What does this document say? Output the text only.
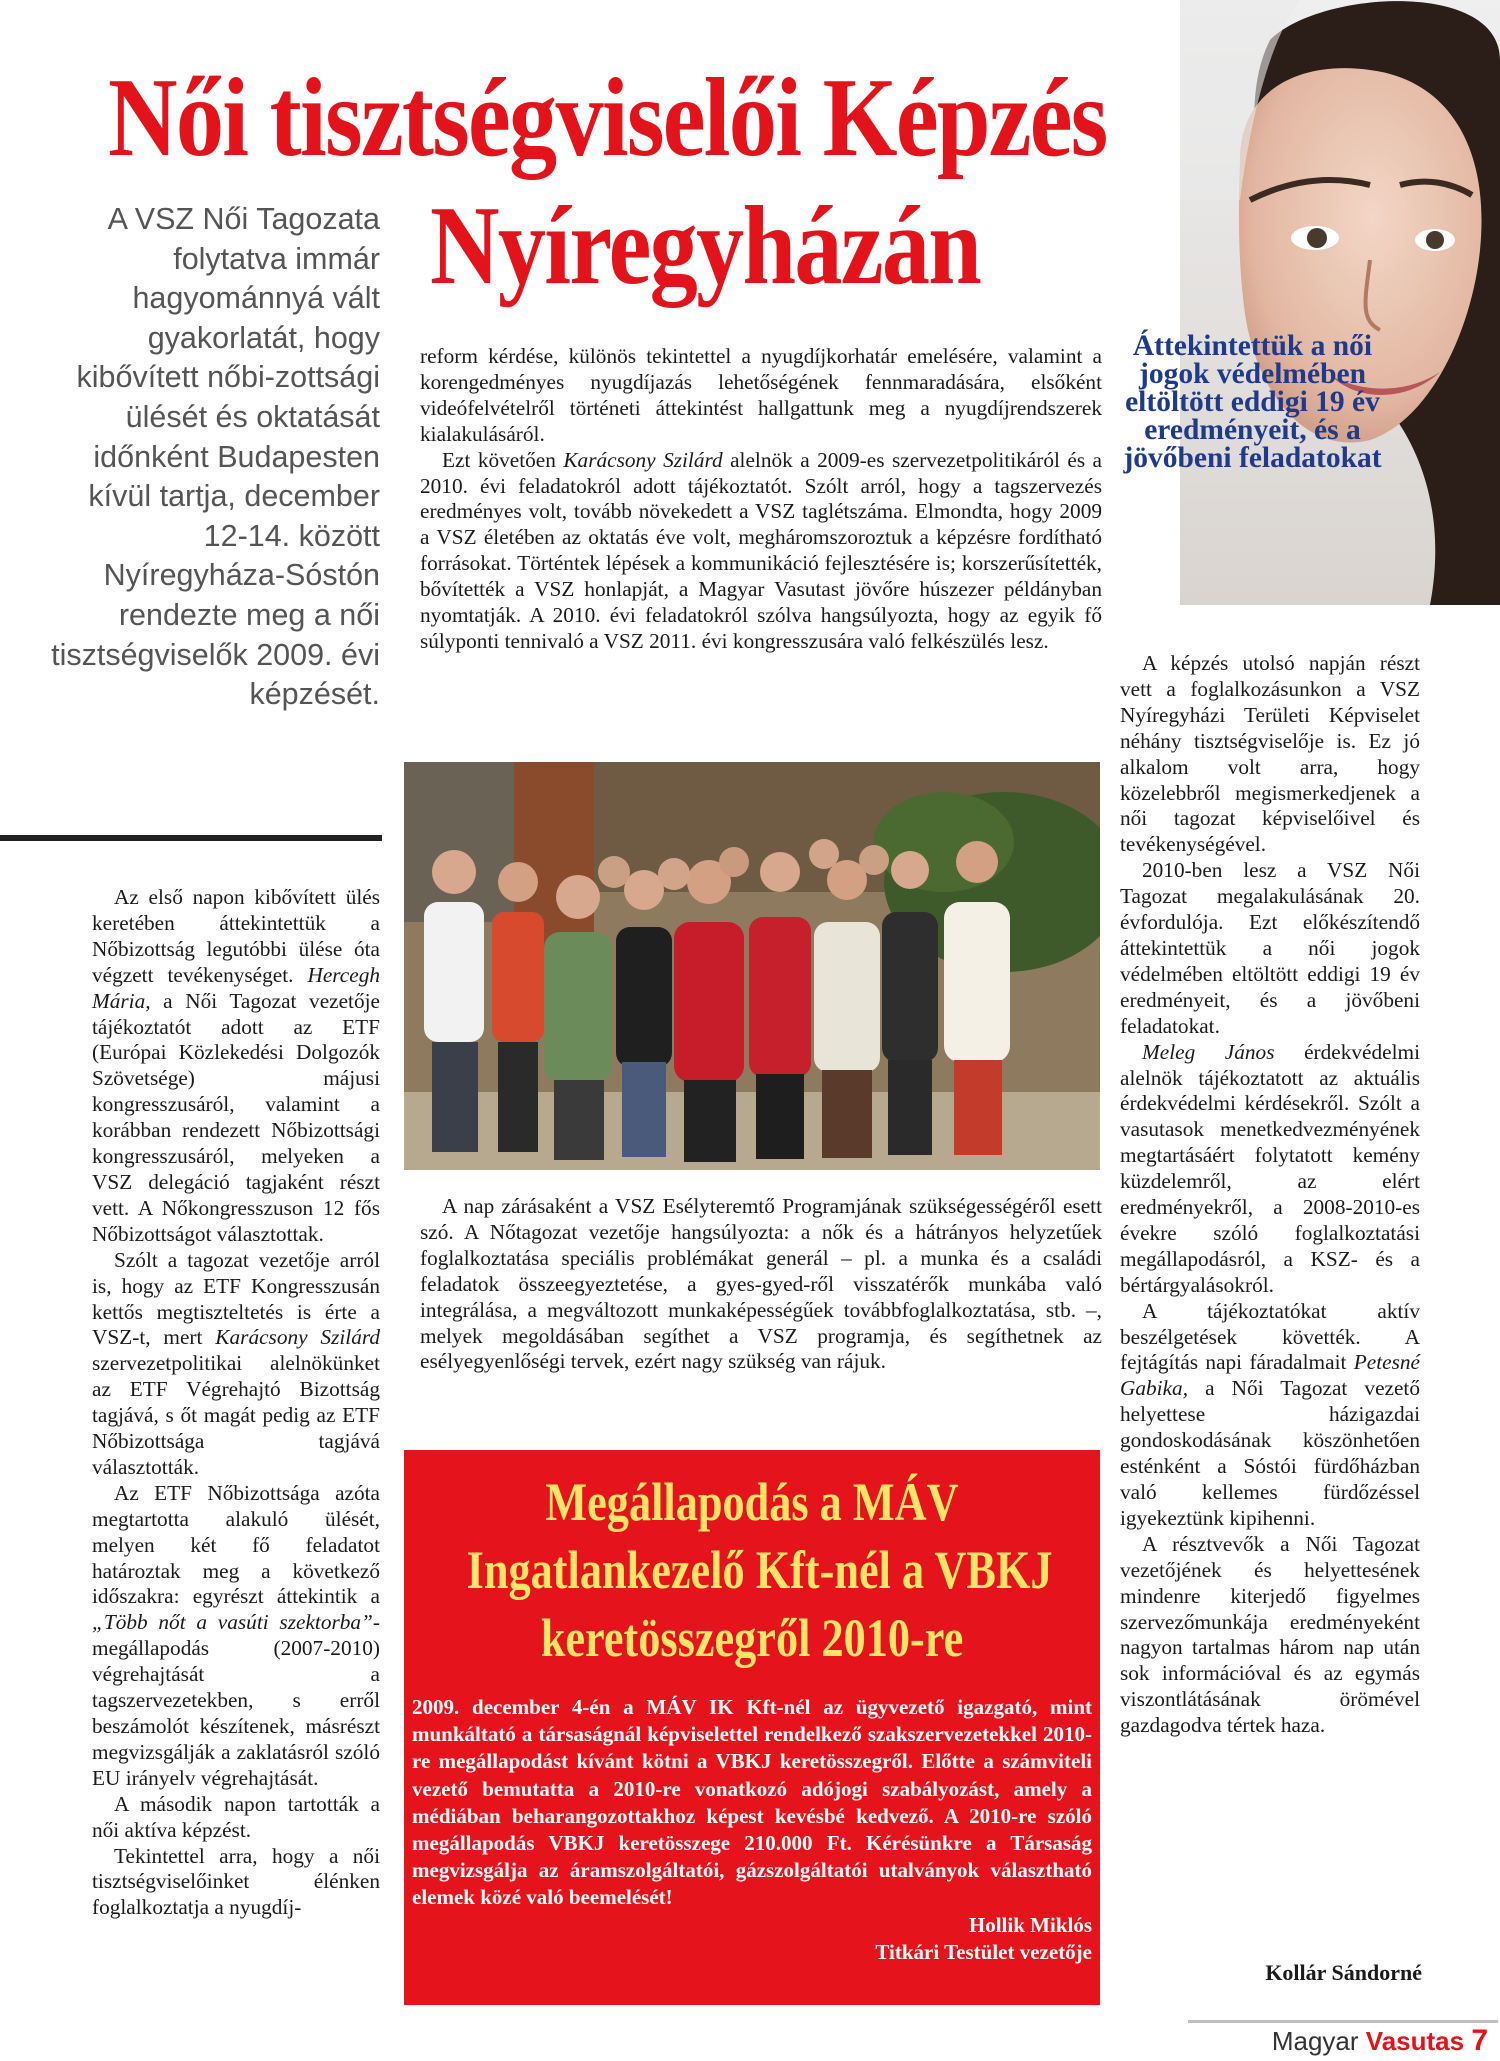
Női tisztségviselői Képzés
Nyíregyházán
A VSZ Női Tagozata folytatva immár hagyománnyá vált gyakorlatát, hogy kibővített nőbi-zottsági ülését és oktatását időnként Budapesten kívül tartja, december 12-14. között Nyíregyháza-Sóstón rendezte meg a női tisztségviselők 2009. évi képzését.
Áttekintettük a női jogok védelmében eltöltött eddigi 19 év eredményeit, és a jövőbeni feladatokat

Az első napon kibővített ülés keretében áttekintettük a Nőbizottság legutóbbi ülése óta végzett tevékenységet. Hercegh Mária, a Női Tagozat vezetője tájékoztatót adott az ETF (Európai Közlekedési Dolgozók Szövetsége) májusi kongresszusáról, valamint a korábban rendezett Nőbizottsági kongresszusáról, melyeken a VSZ delegáció tagjaként részt vett. A Nőkongresszuson 12 fős Nőbizottságot választottak.

Szólt a tagozat vezetője arról is, hogy az ETF Kongresszusán kettős megtiszteltetés is érte a VSZ-t, mert Karácsony Szilárd szervezetpolitikai alelnökünket az ETF Végrehajtó Bizottság tagjává, s őt magát pedig az ETF Nőbizottsága tagjává választották.

Az ETF Nőbizottsága azóta megtartotta alakuló ülését, melyen két fő feladatot határoztak meg a következő időszakra: egyrészt áttekintik a „Több nőt a vasúti szektorba”-megállapodás (2007-2010) végrehajtását a tagszervezetekben, s erről beszámolót készítenek, másrészt megvizsgálják a zaklatásról szóló EU irányelv végrehajtását.

A második napon tartották a női aktíva képzést.

Tekintettel arra, hogy a női tisztségviselőinket élénken foglalkoztatja a nyugdíj-

reform kérdése, különös tekintettel a nyugdíjkorhatár emelésére, valamint a korengedményes nyugdíjazás lehetőségének fennmaradására, elsőként videófelvételről történeti áttekintést hallgattunk meg a nyugdíjrendszerek kialakulásáról.

Ezt követően Karácsony Szilárd alelnök a 2009-es szervezetpolitikáról és a 2010. évi feladatokról adott tájékoztatót. Szólt arról, hogy a tagszervezés eredményes volt, tovább növekedett a VSZ taglétszáma. Elmondta, hogy 2009 a VSZ életében az oktatás éve volt, megháromszoroztuk a képzésre fordítható forrásokat. Történtek lépések a kommunikáció fejlesztésére is; korszerűsítették, bővítették a VSZ honlapját, a Magyar Vasutast jövőre húszezer példányban nyomtatják. A 2010. évi feladatokról szólva hangsúlyozta, hogy az egyik fő súlyponti tennivaló a VSZ 2011. évi kongresszusára való felkészülés lesz.

A nap zárásaként a VSZ Esélyteremtő Programjának szükségességéről esett szó. A Nőtagozat vezetője hangsúlyozta: a nők és a hátrányos helyzetűek foglalkoztatása speciális problémákat generál – pl. a munka és a családi feladatok összeegyeztetése, a gyes-gyed-ről visszatérők munkába való integrálása, a megváltozott munkaképességűek továbbfoglalkoztatása, stb. –, melyek megoldásában segíthet a VSZ programja, és segíthetnek az esélyegyenlőségi tervek, ezért nagy szükség van rájuk.

A képzés utolsó napján részt vett a foglalkozásunkon a VSZ Nyíregyházi Területi Képviselet néhány tisztségviselője is. Ez jó alkalom volt arra, hogy közelebbről megismerkedjenek a női tagozat képviselőivel és tevékenységével.

2010-ben lesz a VSZ Női Tagozat megalakulásának 20. évfordulója. Ezt előkészítendő áttekintettük a női jogok védelmében eltöltött eddigi 19 év eredményeit, és a jövőbeni feladatokat.

Meleg János érdekvédelmi alelnök tájékoztatott az aktuális érdekvédelmi kérdésekről. Szólt a vasutasok menetkedvezményének megtartásáért folytatott kemény küzdelemről, az elért eredményekről, a 2008-2010-es évekre szóló foglalkoztatási megállapodásról, a KSZ- és a bértárgyalásokról.

A tájékoztatókat aktív beszélgetések követték. A fejtágítás napi fáradalmait Petesné Gabika, a Női Tagozat vezető helyettese házigazdai gondoskodásának köszönhetően esténként a Sóstói fürdőházban való kellemes fürdőzéssel igyekeztünk kipihenni.

A résztvevők a Női Tagozat vezetőjének és helyettesének mindenre kiterjedő figyelmes szervezőmunkája eredményeként nagyon tartalmas három nap után sok információval és az egymás viszontlátásának örömével gazdagodva tértek haza.

Kollár Sándorné
Megállapodás a MÁV
Ingatlankezelő Kft-nél a VBKJ
keretösszegről 2010-re
2009. december 4-én a MÁV IK Kft-nél az ügyvezető igazgató, mint munkáltató a társaságnál képviselettel rendelkező szakszervezetekkel 2010-re megállapodást kívánt kötni a VBKJ keretösszegről. Előtte a számviteli vezető bemutatta a 2010-re vonatkozó adójogi szabályozást, amely a médiában beharangozottakhoz képest kevésbé kedvező. A 2010-re szóló megállapodás VBKJ keretösszege 210.000 Ft. Kérésünkre a Társaság megvizsgálja az áramszolgáltatói, gázszolgáltatói utalványok választható elemek közé való beemelését!
Hollik Miklós
Titkári Testület vezetője
Magyar Vasutas 7
